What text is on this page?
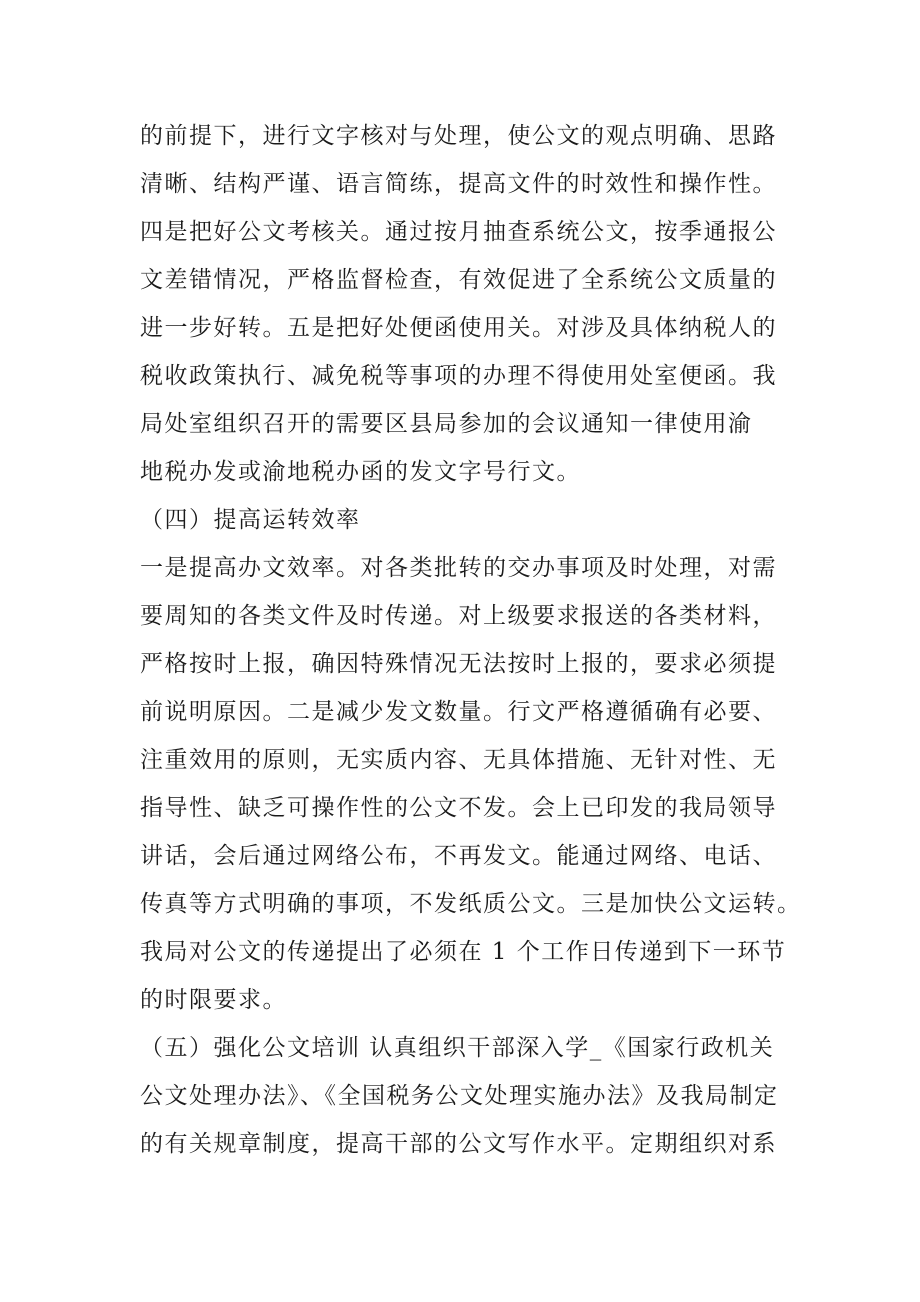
的前提下，进行文字核对与处理，使公文的观点明确、思路
清晰、结构严谨、语言简练，提高文件的时效性和操作性。
四是把好公文考核关。通过按月抽查系统公文，按季通报公
文差错情况，严格监督检查，有效促进了全系统公文质量的
进一步好转。五是把好处便函使用关。对涉及具体纳税人的
税收政策执行、减免税等事项的办理不得使用处室便函。我
局处室组织召开的需要区县局参加的会议通知一律使用渝
地税办发或渝地税办函的发文字号行文。
（四）提高运转效率
一是提高办文效率。对各类批转的交办事项及时处理，对需
要周知的各类文件及时传递。对上级要求报送的各类材料，
严格按时上报，确因特殊情况无法按时上报的，要求必须提
前说明原因。二是减少发文数量。行文严格遵循确有必要、
注重效用的原则，无实质内容、无具体措施、无针对性、无
指导性、缺乏可操作性的公文不发。会上已印发的我局领导
讲话，会后通过网络公布，不再发文。能通过网络、电话、
传真等方式明确的事项，不发纸质公文。三是加快公文运转。
我局对公文的传递提出了必须在 1 个工作日传递到下一环节
的时限要求。
（五）强化公文培训 认真组织干部深入学_《国家行政机关
公文处理办法》、《全国税务公文处理实施办法》及我局制定
的有关规章制度，提高干部的公文写作水平。定期组织对系
